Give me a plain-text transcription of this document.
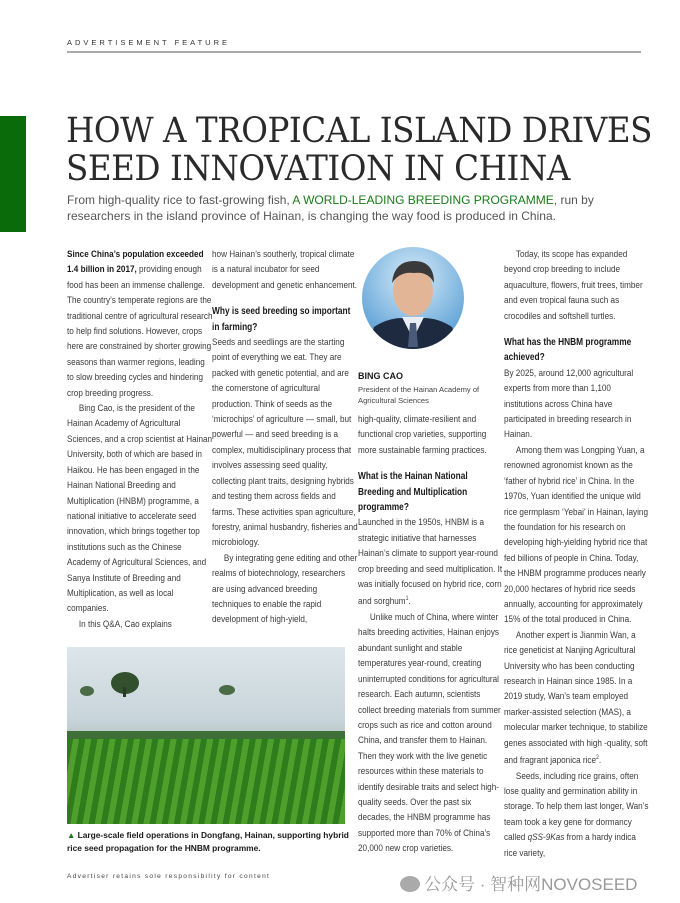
ADVERTISEMENT FEATURE
HOW A TROPICAL ISLAND DRIVES
SEED INNOVATION IN CHINA

From high-quality rice to fast-growing fish, A WORLD-LEADING BREEDING PROGRAMME, run by researchers in the island province of Hainan, is changing the way food is produced in China.

Since China’s population exceeded 1.4 billion in 2017, providing enough food has been an immense challenge. The country’s temperate regions are the traditional centre of agricultural research to help find solutions. However, crops here are constrained by shorter growing seasons than warmer regions, leading to slow breeding cycles and hindering crop breeding progress.

Bing Cao, is the president of the Hainan Academy of Agricultural Sciences, and a crop scientist at Hainan University, both of which are based in Haikou. He has been engaged in the Hainan National Breeding and Multiplication (HNBM) programme, a national initiative to accelerate seed innovation, which brings together top institutions such as the Chinese Academy of Agricultural Sciences, and Sanya Institute of Breeding and Multiplication, as well as local companies.

In this Q&A, Cao explains

how Hainan’s southerly, tropical climate is a natural incubator for seed development and genetic enhancement.

Why is seed breeding so important in farming?

Seeds and seedlings are the starting point of everything we eat. They are packed with genetic potential, and are the cornerstone of agricultural production. Think of seeds as the ‘microchips’ of agriculture — small, but powerful — and seed breeding is a complex, multidisciplinary process that involves assessing seed quality, collecting plant traits, designing hybrids and testing them across fields and farms. These activities span agriculture, forestry, animal husbandry, fisheries and microbiology.

By integrating gene editing and other realms of biotechnology, researchers are using advanced breeding techniques to enable the rapid development of high-yield,

BING CAO
President of the Hainan Academy of Agricultural Sciences

high-quality, climate-resilient and functional crop varieties, supporting more sustainable farming practices.

What is the Hainan National Breeding and Multiplication programme?

Launched in the 1950s, HNBM is a strategic initiative that harnesses Hainan’s climate to support year-round crop breeding and seed multiplication. It was initially focused on hybrid rice, corn and sorghum$^1$.

Unlike much of China, where winter halts breeding activities, Hainan enjoys abundant sunlight and stable temperatures year-round, creating uninterrupted conditions for agricultural research. Each autumn, scientists collect breeding materials from summer crops such as rice and cotton around China, and transfer them to Hainan. Then they work with the live genetic resources within these materials to identify desirable traits and select high-quality seeds. Over the past six decades, the HNBM programme has supported more than 70% of China’s 20,000 new crop varieties.

Today, its scope has expanded beyond crop breeding to include aquaculture, flowers, fruit trees, timber and even tropical fauna such as crocodiles and softshell turtles.

What has the HNBM programme achieved?

By 2025, around 12,000 agricultural experts from more than 1,100 institutions across China have participated in breeding research in Hainan.

Among them was Longping Yuan, a renowned agronomist known as the ‘father of hybrid rice’ in China. In the 1970s, Yuan identified the unique wild rice germplasm ‘Yebai’ in Hainan, laying the foundation for his research on developing high-yielding hybrid rice that fed billions of people in China. Today, the HNBM programme produces nearly 20,000 hectares of hybrid rice seeds annually, accounting for approximately 15% of the total produced in China.

Another expert is Jianmin Wan, a rice geneticist at Nanjing Agricultural University who has been conducting research in Hainan since 1985. In a 2019 study, Wan’s team employed marker-assisted selection (MAS), a molecular marker technique, to stabilize genes associated with high -quality, soft and fragrant japonica rice$^2$.

Seeds, including rice grains, often lose quality and germination ability in storage. To help them last longer, Wan’s team took a key gene for dormancy called qSS-9Kas from a hardy indica rice variety,

▲ Large-scale field operations in Dongfang, Hainan, supporting hybrid rice seed propagation for the HNBM programme.

Advertiser retains sole responsibility for content	公众号 · 智种网NOVOSEED
